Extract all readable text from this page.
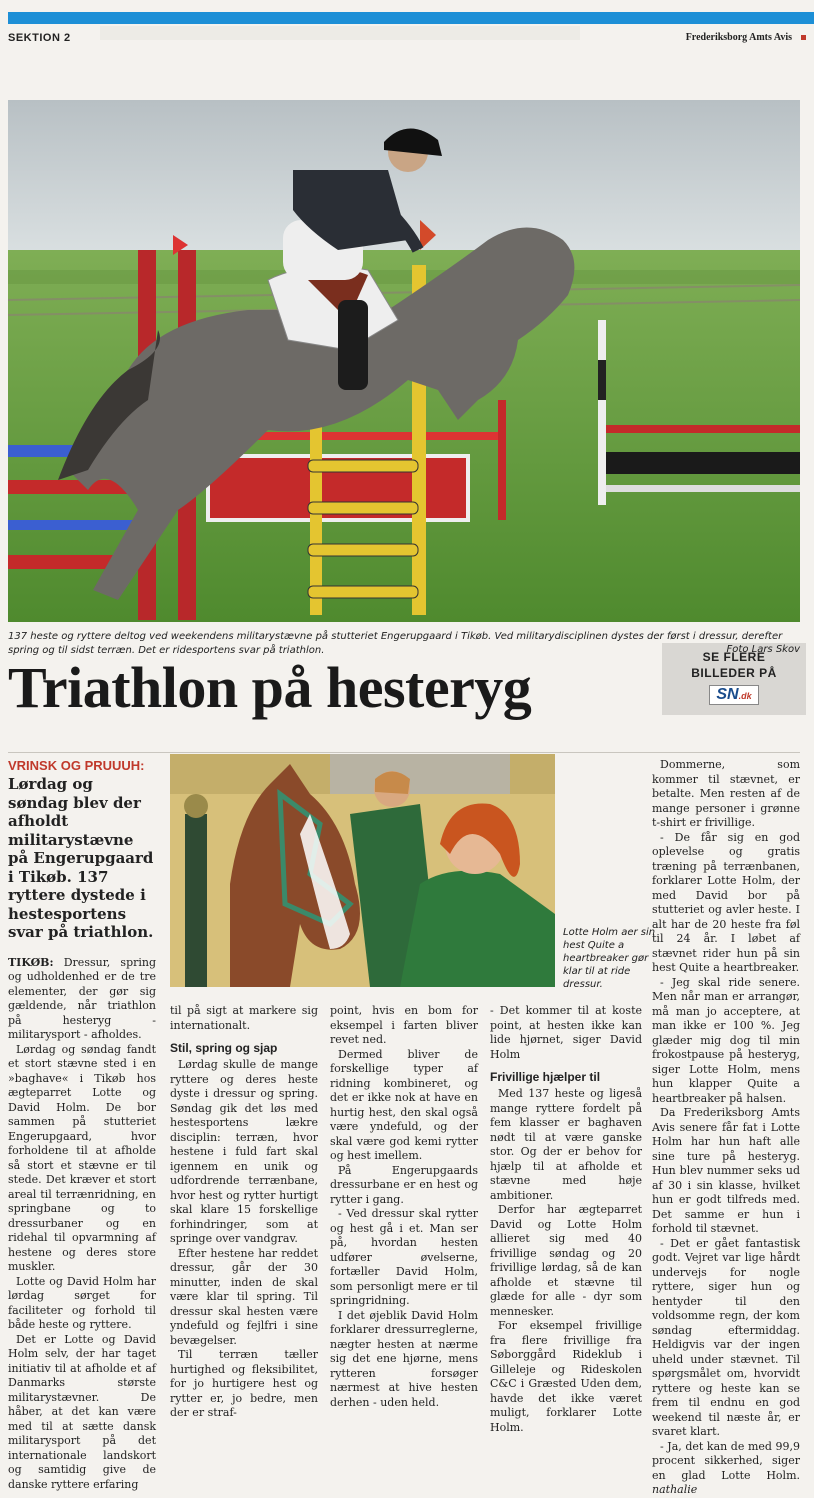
SEKTION 2	Frederiksborg Amts Avis
SE FLERE
BILLEDER PÅ
SN.dk
137 heste og ryttere deltog ved weekendens militarystævne på stutteriet Engerupgaard i Tikøb. Ved militarydisciplinen dystes der først i dressur, derefter spring og til sidst terræn. Det er ridesportens svar på triathlon.	Foto Lars Skov
Triathlon på hesteryg
VRINSK OG PRUUUH:
Lørdag og søndag blev der afholdt militarystævne på Engerupgaard i Tikøb. 137 ryttere dystede i hestesportens svar på triathlon.

TIKØB: Dressur, spring og udholdenhed er de tre elementer, der gør sig gældende, når triathlon på hesteryg - militarysport - afholdes.

Lørdag og søndag fandt et stort stævne sted i en »baghave« i Tikøb hos ægteparret Lotte og David Holm. De bor sammen på stutteriet Engerupgaard, hvor forholdene til at afholde så stort et stævne er til stede. Det kræver et stort areal til terrænridning, en springbane og to dressurbaner og en ridehal til opvarmning af hestene og deres store muskler.

Lotte og David Holm har lørdag sørget for faciliteter og forhold til både heste og ryttere.

Det er Lotte og David Holm selv, der har taget initiativ til at afholde et af Danmarks største militarystævner. De håber, at det kan være med til at sætte dansk militarysport på det internationale landskort og samtidig give de danske ryttere erfaring

Lotte Holm aer sin hest Quite a heartbreaker gør klar til at ride dressur.

til på sigt at markere sig internationalt.

Stil, spring og sjap

Lørdag skulle de mange ryttere og deres heste dyste i dressur og spring. Søndag gik det løs med hestesportens lækre disciplin: terræn, hvor hestene i fuld fart skal igennem en unik og udfordrende terrænbane, hvor hest og rytter hurtigt skal klare 15 forskellige forhindringer, som at springe over vandgrav.

Efter hestene har reddet dressur, går der 30 minutter, inden de skal være klar til spring. Til dressur skal hesten være yndefuld og fejlfri i sine bevægelser.

Til terræn tæller hurtighed og fleksibilitet, for jo hurtigere hest og rytter er, jo bedre, men der er straf-

point, hvis en bom for eksempel i farten bliver revet ned.

Dermed bliver de forskellige typer af ridning kombineret, og det er ikke nok at have en hurtig hest, den skal også være yndefuld, og der skal være god kemi rytter og hest imellem.

På Engerupgaards dressurbane er en hest og rytter i gang.

- Ved dressur skal rytter og hest gå i et. Man ser på, hvordan hesten udfører øvelserne, fortæller David Holm, som personligt mere er til springridning.

I det øjeblik David Holm forklarer dressurreglerne, nægter hesten at nærme sig det ene hjørne, mens rytteren forsøger nærmest at hive hesten derhen - uden held.

- Det kommer til at koste point, at hesten ikke kan lide hjørnet, siger David Holm

Frivillige hjælper til

Med 137 heste og ligeså mange ryttere fordelt på fem klasser er baghaven nødt til at være ganske stor. Og der er behov for hjælp til at afholde et stævne med høje ambitioner.

Derfor har ægteparret David og Lotte Holm allieret sig med 40 frivillige søndag og 20 frivillige lørdag, så de kan afholde et stævne til glæde for alle - dyr som mennesker.

For eksempel frivillige fra flere frivillige fra Søborggård Rideklub i Gilleleje og Rideskolen C&C i Græsted Uden dem, havde det ikke været muligt, forklarer Lotte Holm.

Dommerne, som kommer til stævnet, er betalte. Men resten af de mange personer i grønne t-shirt er frivillige.

- De får sig en god oplevelse og gratis træning på terrænbanen, forklarer Lotte Holm, der med David bor på stutteriet og avler heste. I alt har de 20 heste fra føl til 24 år. I løbet af stævnet rider hun på sin hest Quite a heartbreaker.

- Jeg skal ride senere. Men når man er arrangør, må man jo acceptere, at man ikke er 100 %. Jeg glæder mig dog til min frokostpause på hesteryg, siger Lotte Holm, mens hun klapper Quite a heartbreaker på halsen.

Da Frederiksborg Amts Avis senere får fat i Lotte Holm har hun haft alle sine ture på hesteryg. Hun blev nummer seks ud af 30 i sin klasse, hvilket hun er godt tilfreds med. Det samme er hun i forhold til stævnet.

- Det er gået fantastisk godt. Vejret var lige hårdt undervejs for nogle ryttere, siger hun og hentyder til den voldsomme regn, der kom søndag eftermiddag. Heldigvis var der ingen uheld under stævnet. Til spørgsmålet om, hvorvidt ryttere og heste kan se frem til endnu en god weekend til næste år, er svaret klart.

- Ja, det kan de med 99,9 procent sikkerhed, siger en glad Lotte Holm. nathalie
